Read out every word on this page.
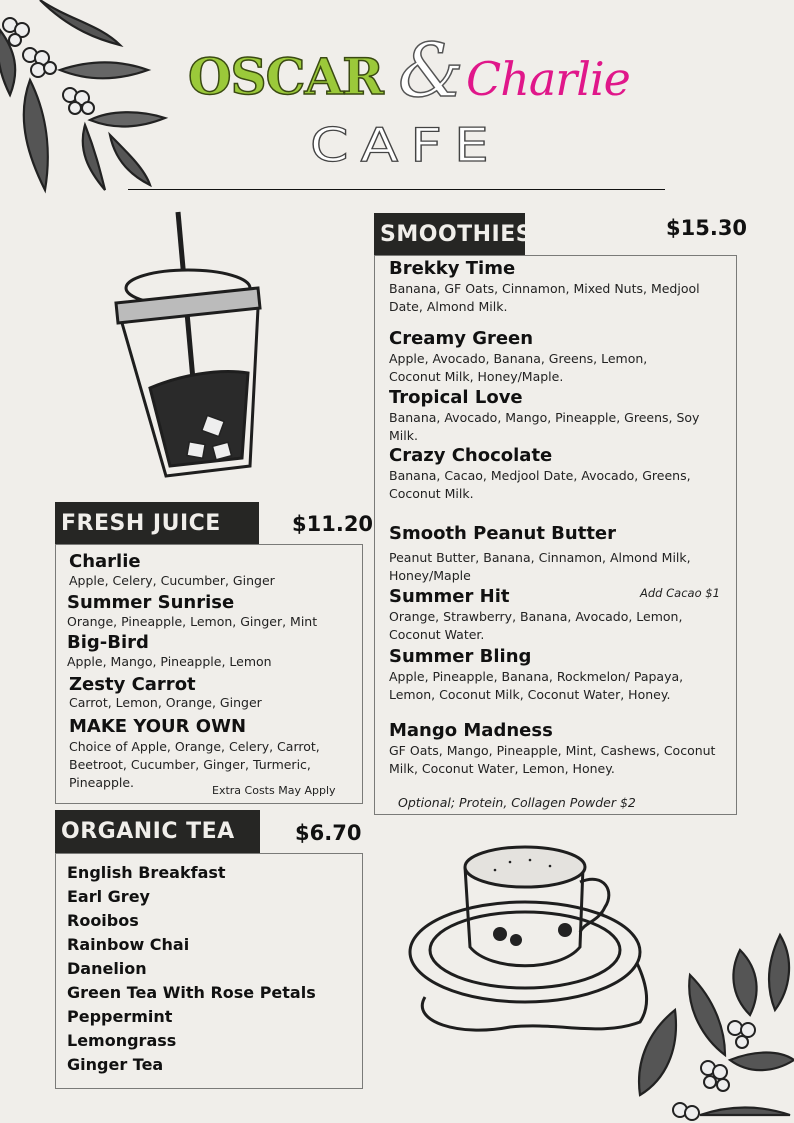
OSCAR & Charlie
CAFE
SMOOTHIES	$15.30
Brekky Time
Banana, GF Oats, Cinnamon, Mixed Nuts, Medjool Date, Almond Milk.
Creamy Green
Apple, Avocado, Banana, Greens, Lemon, Coconut Milk, Honey/Maple.
Tropical Love
Banana, Avocado, Mango, Pineapple, Greens, Soy Milk.
Crazy Chocolate
Banana, Cacao, Medjool Date, Avocado, Greens, Coconut Milk.
Smooth Peanut Butter
Peanut Butter, Banana, Cinnamon, Almond Milk, Honey/Maple
Add Cacao $1
Summer Hit
Orange, Strawberry, Banana, Avocado, Lemon, Coconut Water.
Summer Bling
Apple, Pineapple, Banana, Rockmelon/ Papaya, Lemon, Coconut Milk, Coconut Water, Honey.
Mango Madness
GF Oats, Mango, Pineapple, Mint, Cashews, Coconut Milk, Coconut Water, Lemon, Honey.
Optional; Protein, Collagen Powder $2
FRESH JUICE	$11.20
Charlie
Apple, Celery, Cucumber, Ginger
Summer Sunrise
Orange, Pineapple, Lemon, Ginger, Mint
Big-Bird
Apple, Mango, Pineapple, Lemon
Zesty Carrot
Carrot, Lemon, Orange, Ginger
MAKE YOUR OWN
Choice of Apple, Orange, Celery, Carrot, Beetroot, Cucumber, Ginger, Turmeric, Pineapple.
Extra Costs May Apply
ORGANIC TEA	$6.70
English Breakfast
Earl Grey
Rooibos
Rainbow Chai
Danelion
Green Tea With Rose Petals
Peppermint
Lemongrass
Ginger Tea
